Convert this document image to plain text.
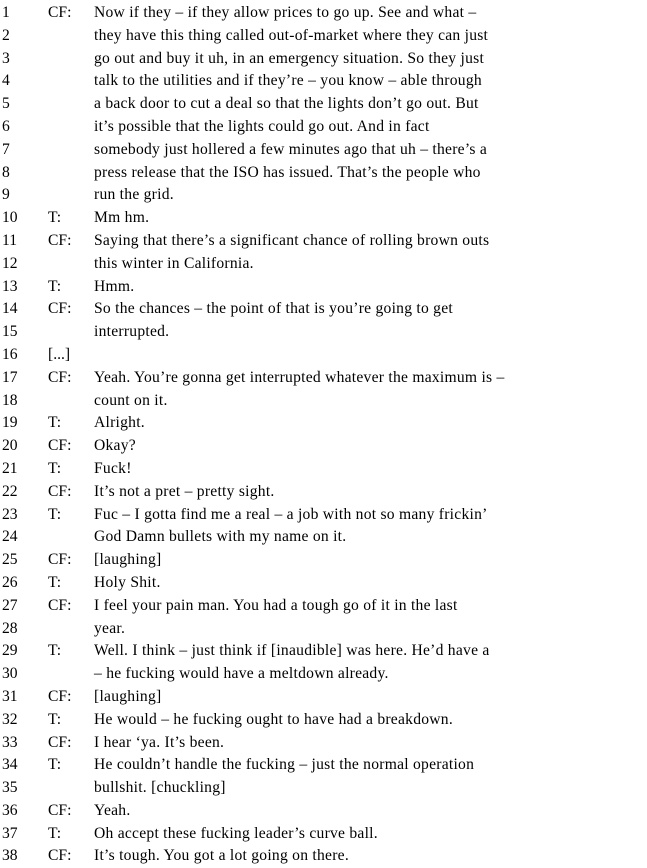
1	CF:	Now if they – if they allow prices to go up. See and what –
2	they have this thing called out-of-market where they can just
3	go out and buy it uh, in an emergency situation. So they just
4	talk to the utilities and if they’re – you know – able through
5	a back door to cut a deal so that the lights don’t go out. But
6	it’s possible that the lights could go out. And in fact
7	somebody just hollered a few minutes ago that uh – there’s a
8	press release that the ISO has issued. That’s the people who
9	run the grid.
10	T:	Mm hm.
11	CF:	Saying that there’s a significant chance of rolling brown outs
12	this winter in California.
13	T:	Hmm.
14	CF:	So the chances – the point of that is you’re going to get
15	interrupted.
16	[...]
17	CF:	Yeah. You’re gonna get interrupted whatever the maximum is –
18	count on it.
19	T:	Alright.
20	CF:	Okay?
21	T:	Fuck!
22	CF:	It’s not a pret – pretty sight.
23	T:	Fuc – I gotta find me a real – a job with not so many frickin’
24	God Damn bullets with my name on it.
25	CF:	[laughing]
26	T:	Holy Shit.
27	CF:	I feel your pain man. You had a tough go of it in the last
28	year.
29	T:	Well. I think – just think if [inaudible] was here. He’d have a
30	– he fucking would have a meltdown already.
31	CF:	[laughing]
32	T:	He would – he fucking ought to have had a breakdown.
33	CF:	I hear ‘ya. It’s been.
34	T:	He couldn’t handle the fucking – just the normal operation
35	bullshit. [chuckling]
36	CF:	Yeah.
37	T:	Oh accept these fucking leader’s curve ball.
38	CF:	It’s tough. You got a lot going on there.
